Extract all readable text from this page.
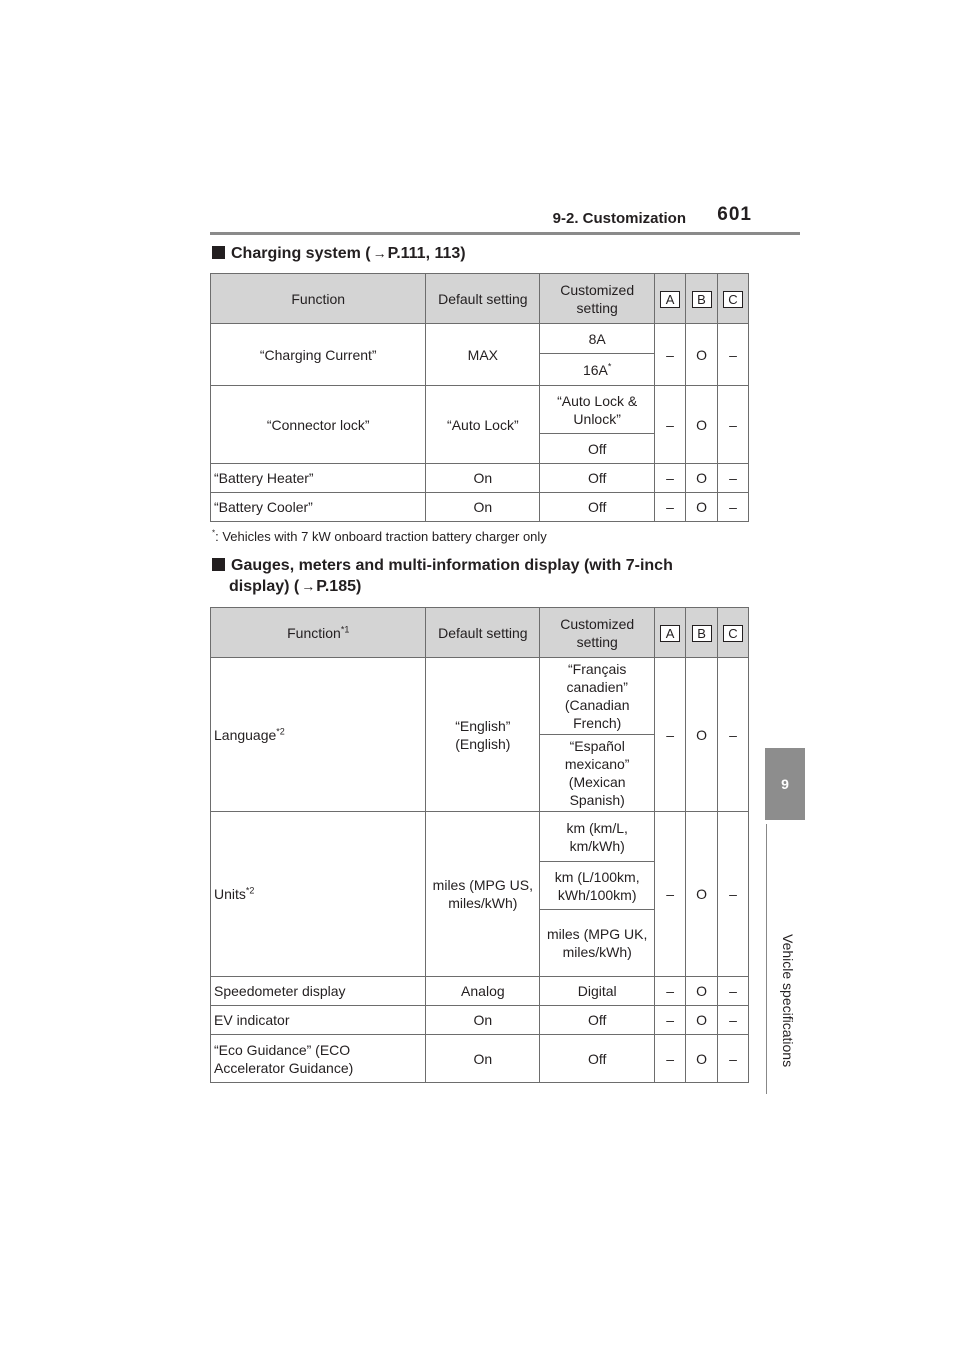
9-2. Customization 601
9
Vehicle specifications
Charging system ( →P.111, 113)
Function	Default setting	Customized setting	A	B	C
“Charging Current”	MAX	8A	–	O	–
		16A*
“Connector lock”	“Auto Lock”	“Auto Lock & Unlock”	–	O	–
		Off			
“Battery Heater”	On	Off	–	O	–
“Battery Cooler”	On	Off	–	O	–
*: Vehicles with 7 kW onboard traction battery charger only
Gauges, meters and multi-information display (with 7-inch
display) ( →P.185)
Function$^{*1}$	Default setting	Customized setting	A	B	C
Language$^{*2}$	“English” (English)	“Français canadien” (Canadian French)	–	O	–
		“Español mexicano” (Mexican Spanish)			
Units$^{*2}$	miles (MPG US, miles/kWh)	km (km/L, km/kWh)	–	O	–
		km (L/100km, kWh/100km)			
		miles (MPG UK, miles/kWh)			
Speedometer display	Analog	Digital	–	O	–
EV indicator	On	Off	–	O	–
“Eco Guidance” (ECO Accelerator Guidance)	On	Off	–	O	–
